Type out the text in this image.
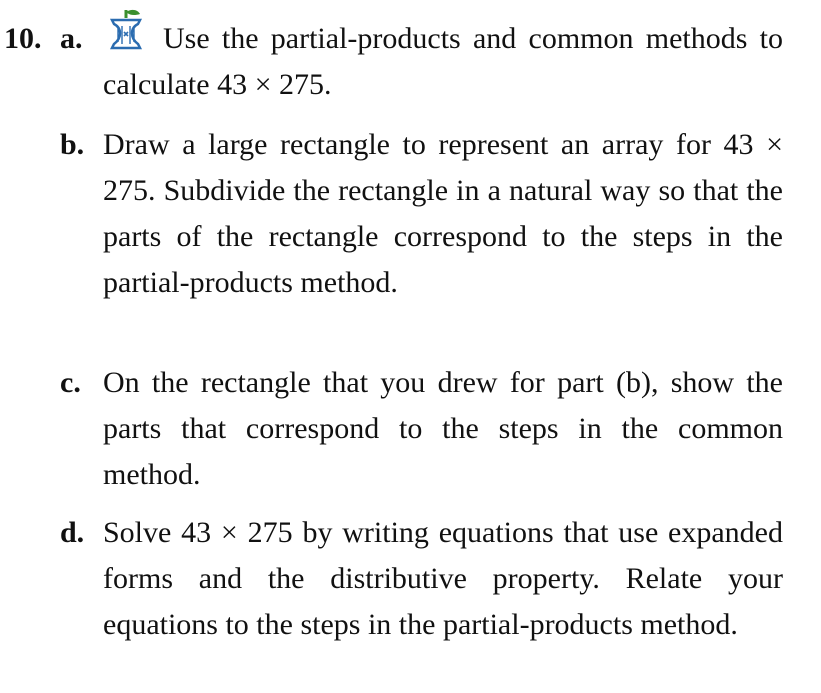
10. a.	Use the partial-products and common methods to calculate 43 × 275.
b. Draw a large rectangle to represent an array for 43 × 275. Subdivide the rectangle in a natural way so that the parts of the rectangle correspond to the steps in the partial-products method.
c. On the rectangle that you drew for part (b), show the parts that correspond to the steps in the common method.
d. Solve 43 × 275 by writing equations that use expanded forms and the distributive property. Relate your equations to the steps in the partial-products method.
